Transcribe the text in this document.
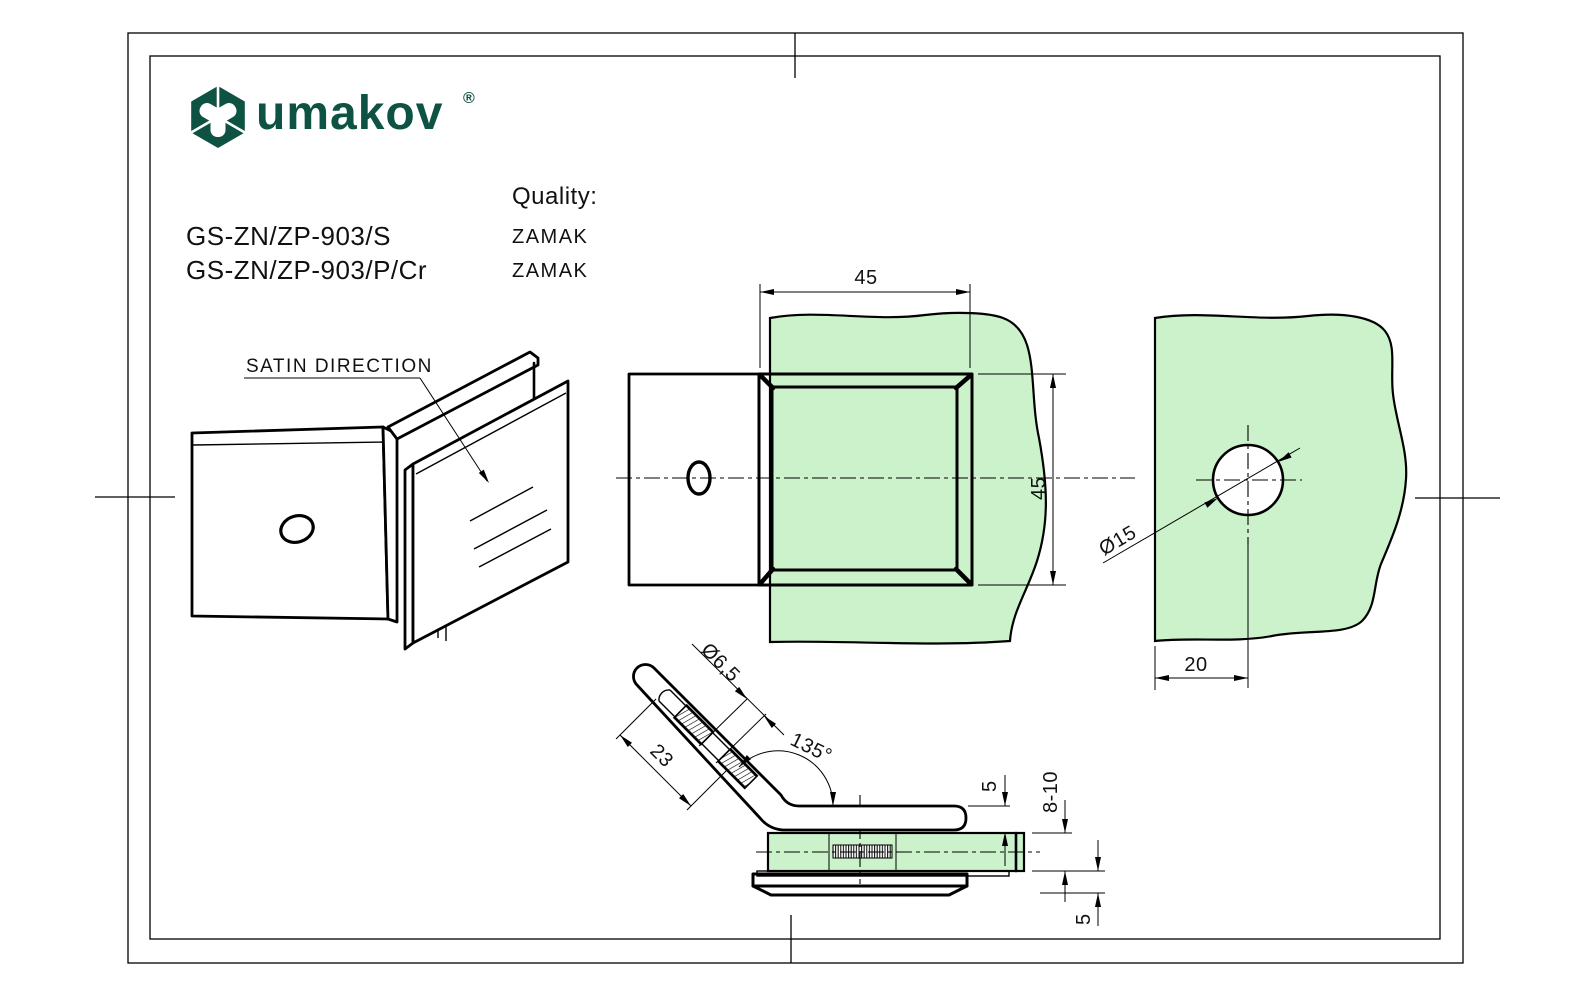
umakov ®
Quality:
GS-ZN/ZP-903/S
GS-ZN/ZP-903/P/Cr
ZAMAK
ZAMAK
SATIN DIRECTION
45
45
Ø15
20
Ø6,5
23	135°
5 8-10
5
